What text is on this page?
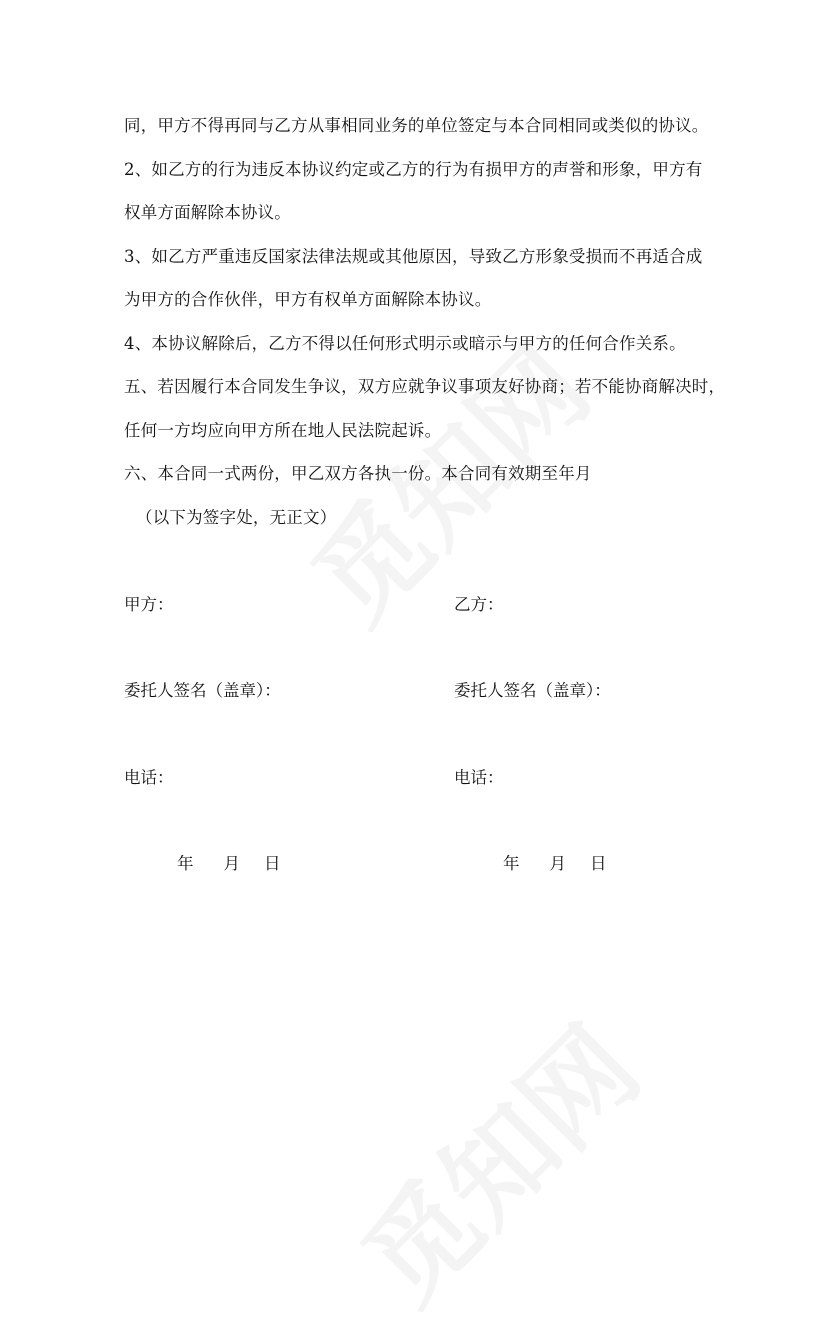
同，甲方不得再同与乙方从事相同业务的单位签定与本合同相同或类似的协议。
2、如乙方的行为违反本协议约定或乙方的行为有损甲方的声誉和形象，甲方有
权单方面解除本协议。
3、如乙方严重违反国家法律法规或其他原因，导致乙方形象受损而不再适合成
为甲方的合作伙伴，甲方有权单方面解除本协议。
4、本协议解除后，乙方不得以任何形式明示或暗示与甲方的任何合作关系。
五、若因履行本合同发生争议，双方应就争议事项友好协商；若不能协商解决时，
任何一方均应向甲方所在地人民法院起诉。
六、本合同一式两份，甲乙双方各执一份。本合同有效期至年月
（以下为签字处，无正文）
甲方：	乙方：
委托人签名（盖章）：	委托人签名（盖章）：
电话：	电话：
年 月 日	年 月 日
